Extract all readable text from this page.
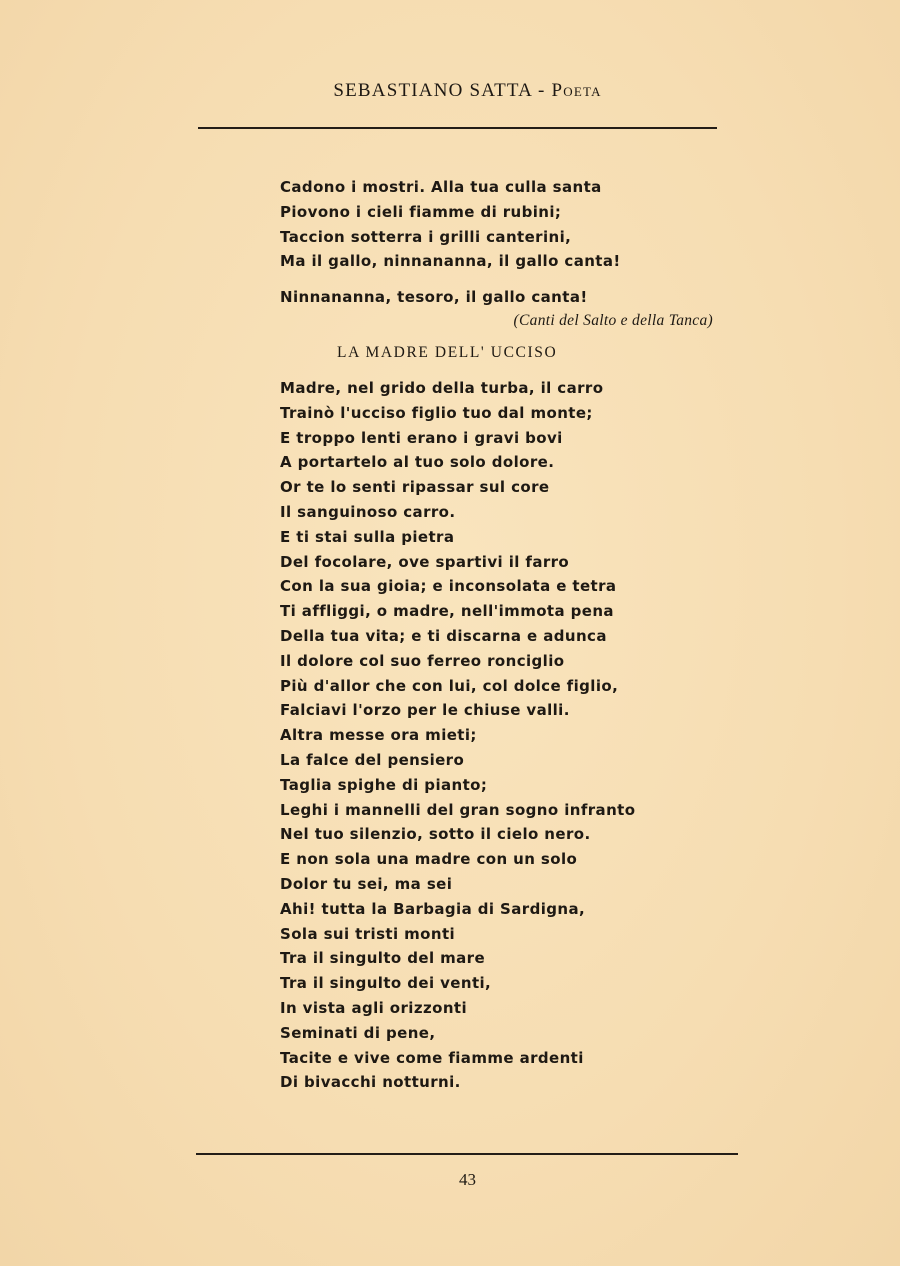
SEBASTIANO SATTA - Poeta
Cadono i mostri. Alla tua culla santa
Piovono i cieli fiamme di rubini;
Taccion sotterra i grilli canterini,
Ma il gallo, ninnananna, il gallo canta!
Ninnananna, tesoro, il gallo canta!
(Canti del Salto e della Tanca)
LA MADRE DELL' UCCISO
Madre, nel grido della turba, il carro
Trainò l'ucciso figlio tuo dal monte;
E troppo lenti erano i gravi bovi
A portartelo al tuo solo dolore.
Or te lo senti ripassar sul core
Il sanguinoso carro.
E ti stai sulla pietra
Del focolare, ove spartivi il farro
Con la sua gioia; e inconsolata e tetra
Ti affliggi, o madre, nell'immota pena
Della tua vita; e ti discarna e adunca
Il dolore col suo ferreo ronciglio
Più d'allor che con lui, col dolce figlio,
Falciavi l'orzo per le chiuse valli.
Altra messe ora mieti;
La falce del pensiero
Taglia spighe di pianto;
Leghi i mannelli del gran sogno infranto
Nel tuo silenzio, sotto il cielo nero.
E non sola una madre con un solo
Dolor tu sei, ma sei
Ahi! tutta la Barbagia di Sardigna,
Sola sui tristi monti
Tra il singulto del mare
Tra il singulto dei venti,
In vista agli orizzonti
Seminati di pene,
Tacite e vive come fiamme ardenti
Di bivacchi notturni.
43
